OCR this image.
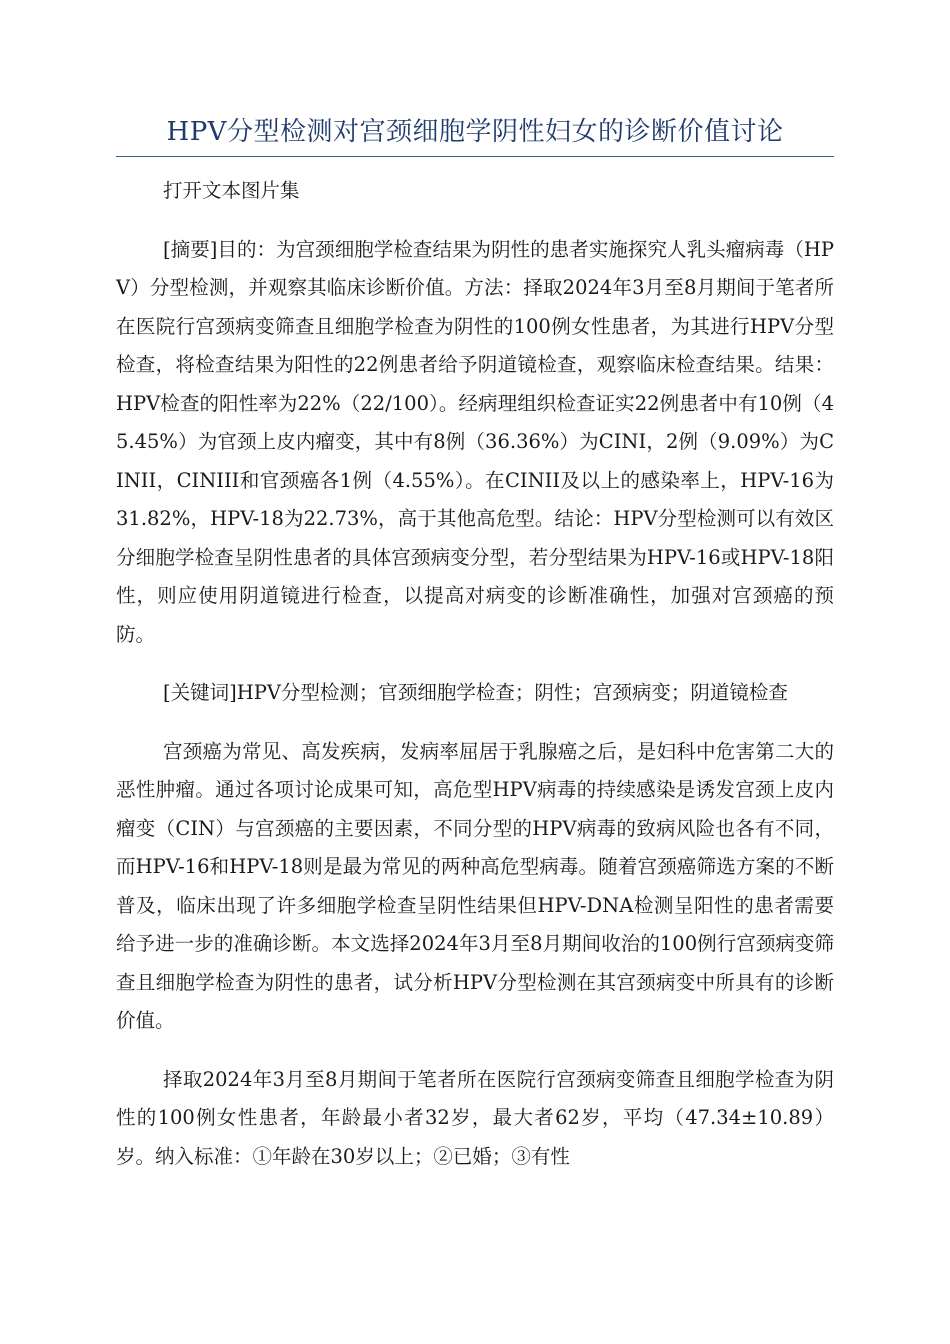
HPV分型检测对宫颈细胞学阴性妇女的诊断价值讨论

打开文本图片集

[摘要]目的：为宫颈细胞学检查结果为阴性的患者实施探究人乳头瘤病毒（HPV）分型检测，并观察其临床诊断价值。方法：择取2024年3月至8月期间于笔者所在医院行宫颈病变筛查且细胞学检查为阴性的100例女性患者，为其进行HPV分型检查，将检查结果为阳性的22例患者给予阴道镜检查，观察临床检查结果。结果：HPV检查的阳性率为22%（22/100）。经病理组织检查证实22例患者中有10例（45.45%）为官颈上皮内瘤变，其中有8例（36.36%）为CINI，2例（9.09%）为CINII，CINIII和官颈癌各1例（4.55%）。在CINII及以上的感染率上，HPV-16为31.82%，HPV-18为22.73%，高于其他高危型。结论：HPV分型检测可以有效区分细胞学检查呈阴性患者的具体宫颈病变分型，若分型结果为HPV-16或HPV-18阳性，则应使用阴道镜进行检查，以提高对病变的诊断准确性，加强对宫颈癌的预防。

[关键词]HPV分型检测；官颈细胞学检查；阴性；宫颈病变；阴道镜检查

宫颈癌为常见、高发疾病，发病率屈居于乳腺癌之后，是妇科中危害第二大的恶性肿瘤。通过各项讨论成果可知，高危型HPV病毒的持续感染是诱发宫颈上皮内瘤变（CIN）与宫颈癌的主要因素，不同分型的HPV病毒的致病风险也各有不同，而HPV-16和HPV-18则是最为常见的两种高危型病毒。随着宫颈癌筛选方案的不断普及，临床出现了许多细胞学检查呈阴性结果但HPV-DNA检测呈阳性的患者需要给予进一步的准确诊断。本文选择2024年3月至8月期间收治的100例行宫颈病变筛查且细胞学检查为阴性的患者，试分析HPV分型检测在其宫颈病变中所具有的诊断价值。

择取2024年3月至8月期间于笔者所在医院行宫颈病变筛查且细胞学检查为阴性的100例女性患者，年龄最小者32岁，最大者62岁，平均（47.34±10.89）岁。纳入标准：①年龄在30岁以上；②已婚；③有性
